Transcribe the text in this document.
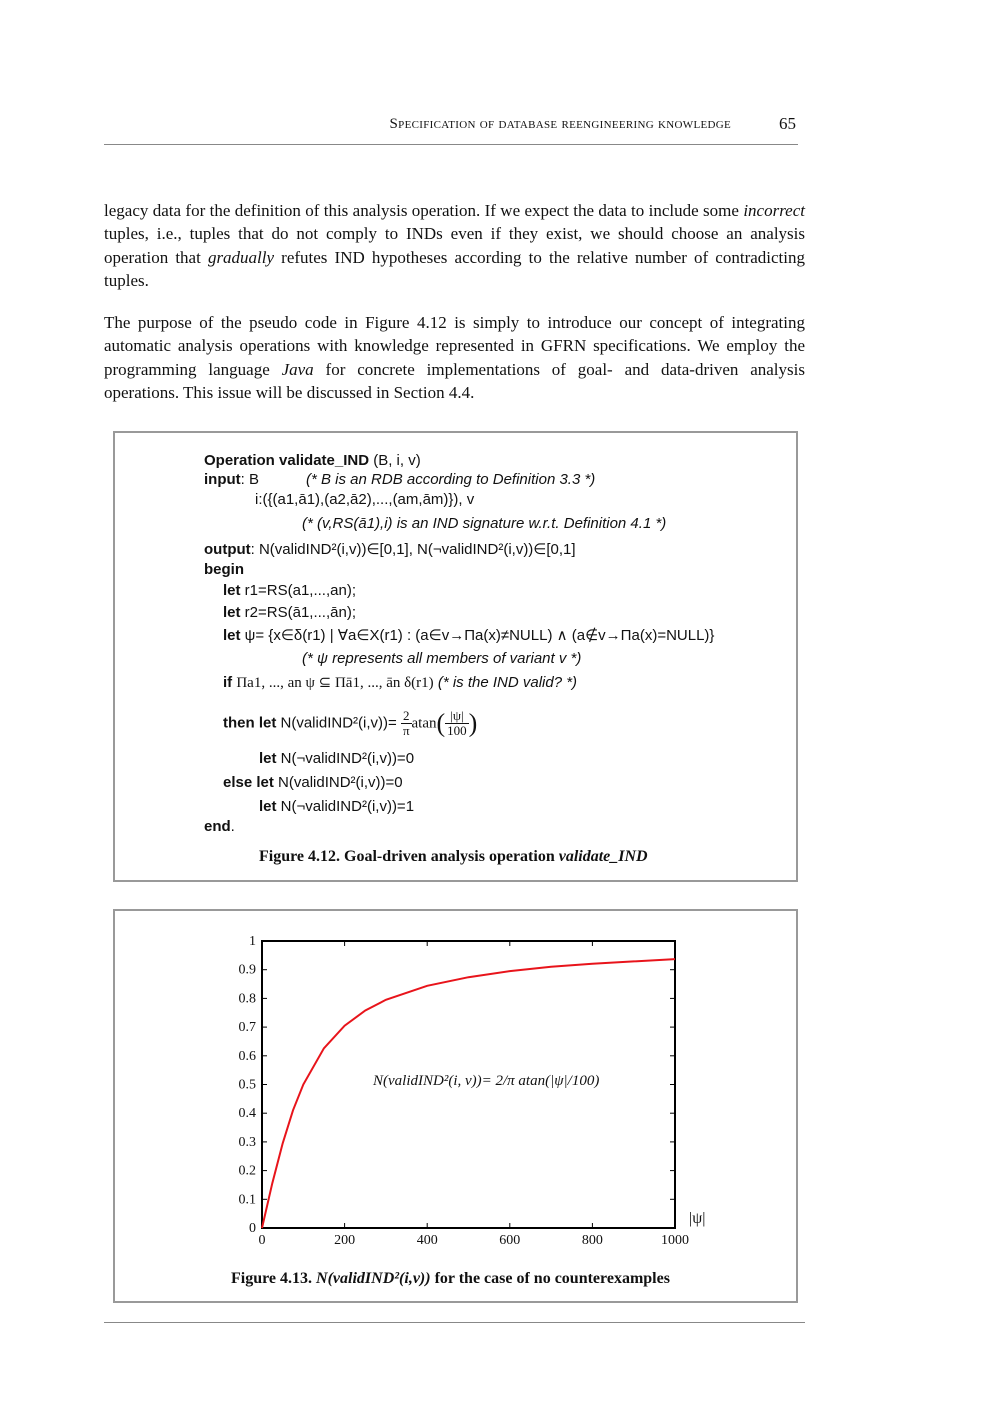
Specification of database reengineering knowledge	65
legacy data for the definition of this analysis operation. If we expect the data to include some incorrect tuples, i.e., tuples that do not comply to INDs even if they exist, we should choose an analysis operation that gradually refutes IND hypotheses according to the relative number of contradicting tuples.
The purpose of the pseudo code in Figure 4.12 is simply to introduce our concept of integrating automatic analysis operations with knowledge represented in GFRN specifications. We employ the programming language Java for concrete implementations of goal- and data-driven analysis operations. This issue will be discussed in Section 4.4.
Operation validate_IND (B, i, v)
input: B	(* B is an RDB according to Definition 3.3 *)
i:({(a1,ā1),(a2,ā2),...,(am,ām)}), v
(* (v,RS(ā1),i) is an IND signature w.r.t. Definition 4.1 *)
output: N(validIND²(i,v))∈[0,1], N(¬validIND²(i,v))∈[0,1]
begin
let r1=RS(a1,...,an);
let r2=RS(ā1,...,ān);
let ψ= {x∈δ(r1) | ∀a∈X(r1) : (a∈v→Πa(x)≠NULL) ∧ (a∉v→Πa(x)=NULL)}
(* ψ represents all members of variant v *)
if Πa1, ..., an ψ ⊆ Πā1, ..., ān δ(r1) (* is the IND valid? *)
then let N(validIND²(i,v))= $\frac{2}{\pi} atan( \frac{|\psi|}{100}$ )
let N(¬validIND²(i,v))=0
else let N(validIND²(i,v))=0
let N(¬validIND²(i,v))=1
end.
Figure 4.12. Goal-driven analysis operation validate_IND
0	200	400	600	800	1000
0
0.1
0.2
0.3
0.4
0.5
0.6
0.7
0.8
0.9
1
|ψ|
N(validIND²(i, v))= 2/π atan(|ψ|/100)
Figure 4.13. N(validIND²(i,v)) for the case of no counterexamples
